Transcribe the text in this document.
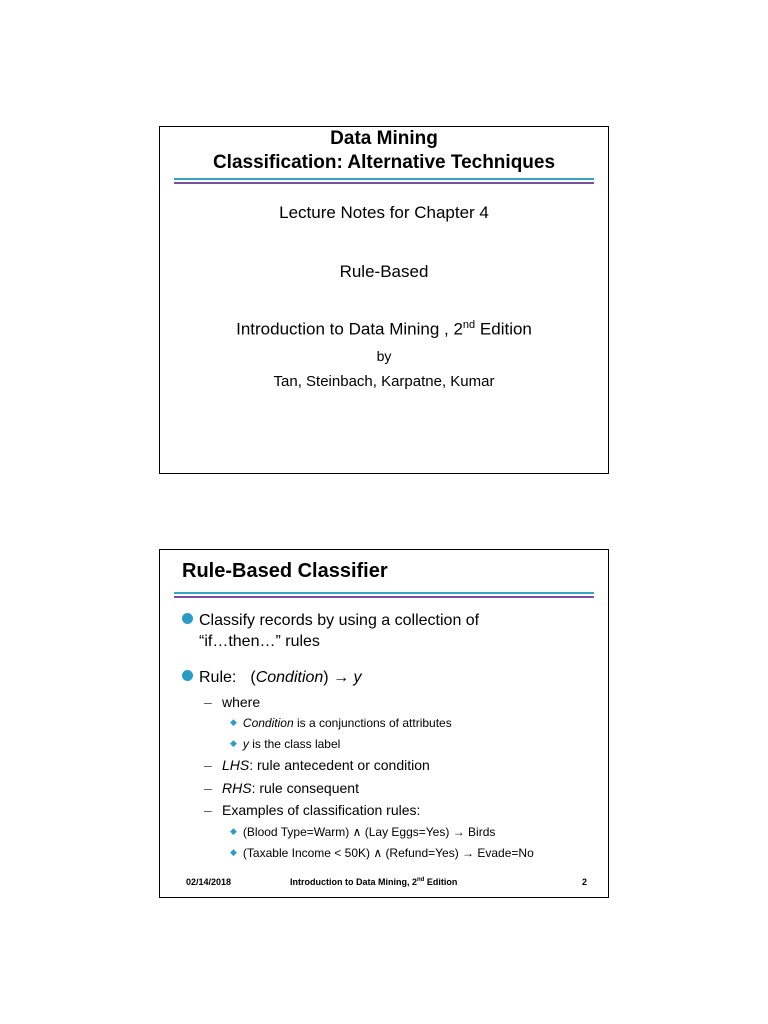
Data Mining
Classification: Alternative Techniques
Lecture Notes for Chapter 4
Rule-Based
Introduction to Data Mining , 2nd Edition
by
Tan, Steinbach, Karpatne, Kumar
Rule-Based Classifier
Classify records by using a collection of
“if…then…” rules
Rule: (Condition) → y
– where
◆ Condition is a conjunctions of attributes
◆ y is the class label
– LHS: rule antecedent or condition
– RHS: rule consequent
– Examples of classification rules:
◆ (Blood Type=Warm) ∧ (Lay Eggs=Yes) → Birds
◆ (Taxable Income < 50K) ∧ (Refund=Yes) → Evade=No
02/14/2018	Introduction to Data Mining, 2nd Edition	2
